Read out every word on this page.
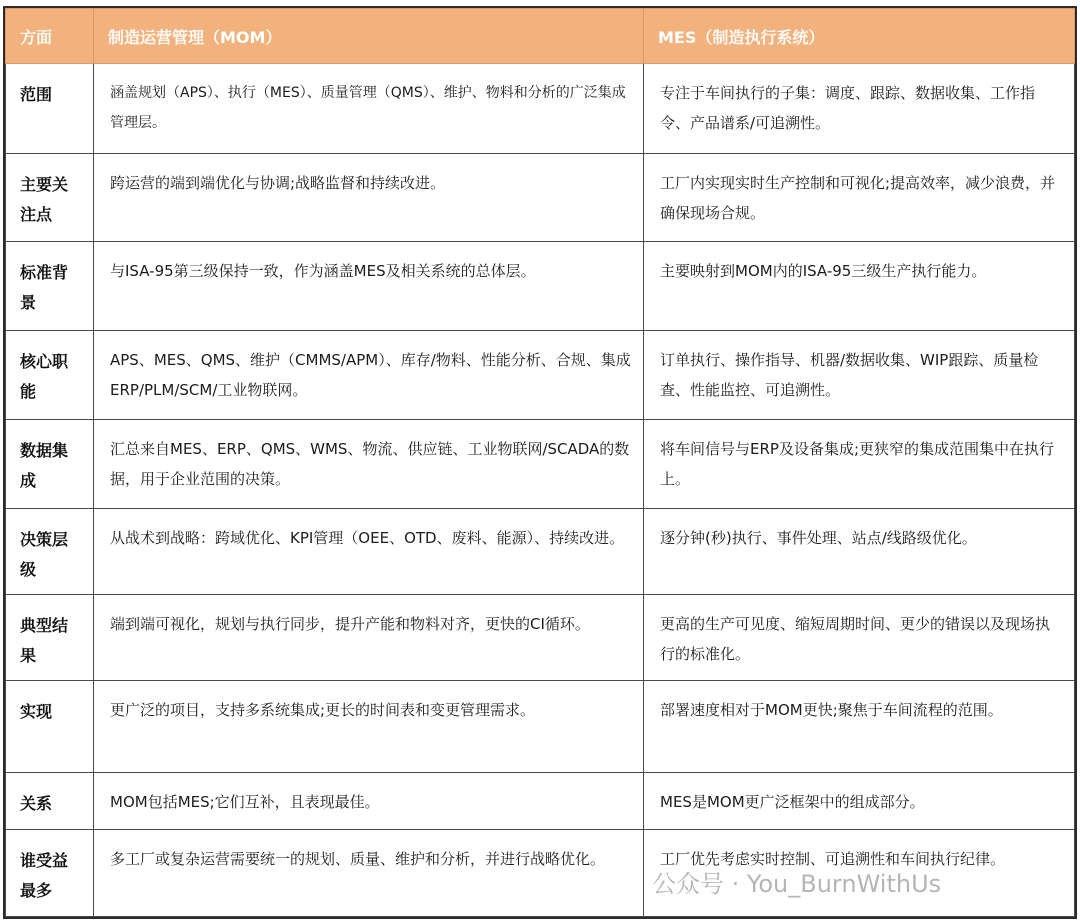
方面	制造运营管理（MOM）	MES（制造执行系统）
范围	涵盖规划（APS）、执行（MES）、质量管理（QMS）、维护、物料和分析的广泛集成管理层。	专注于车间执行的子集：调度、跟踪、数据收集、工作指令、产品谱系/可追溯性。
主要关注点	跨运营的端到端优化与协调;战略监督和持续改进。	工厂内实现实时生产控制和可视化;提高效率，减少浪费，并确保现场合规。
标准背景	与ISA-95第三级保持一致，作为涵盖MES及相关系统的总体层。	主要映射到MOM内的ISA-95三级生产执行能力。
核心职能	APS、MES、QMS、维护（CMMS/APM）、库存/物料、性能分析、合规、集成ERP/PLM/SCM/工业物联网。	订单执行、操作指导、机器/数据收集、WIP跟踪、质量检查、性能监控、可追溯性。
数据集成	汇总来自MES、ERP、QMS、WMS、物流、供应链、工业物联网/SCADA的数据，用于企业范围的决策。	将车间信号与ERP及设备集成;更狭窄的集成范围集中在执行上。
决策层级	从战术到战略：跨域优化、KPI管理（OEE、OTD、废料、能源）、持续改进。	逐分钟(秒)执行、事件处理、站点/线路级优化。
典型结果	端到端可视化，规划与执行同步，提升产能和物料对齐，更快的CI循环。	更高的生产可见度、缩短周期时间、更少的错误以及现场执行的标准化。
实现	更广泛的项目，支持多系统集成;更长的时间表和变更管理需求。	部署速度相对于MOM更快;聚焦于车间流程的范围。
关系	MOM包括MES;它们互补，且表现最佳。	MES是MOM更广泛框架中的组成部分。
谁受益最多	多工厂或复杂运营需要统一的规划、质量、维护和分析，并进行战略优化。	工厂优先考虑实时控制、可追溯性和车间执行纪律。
公众号 · You_BurnWithUs
